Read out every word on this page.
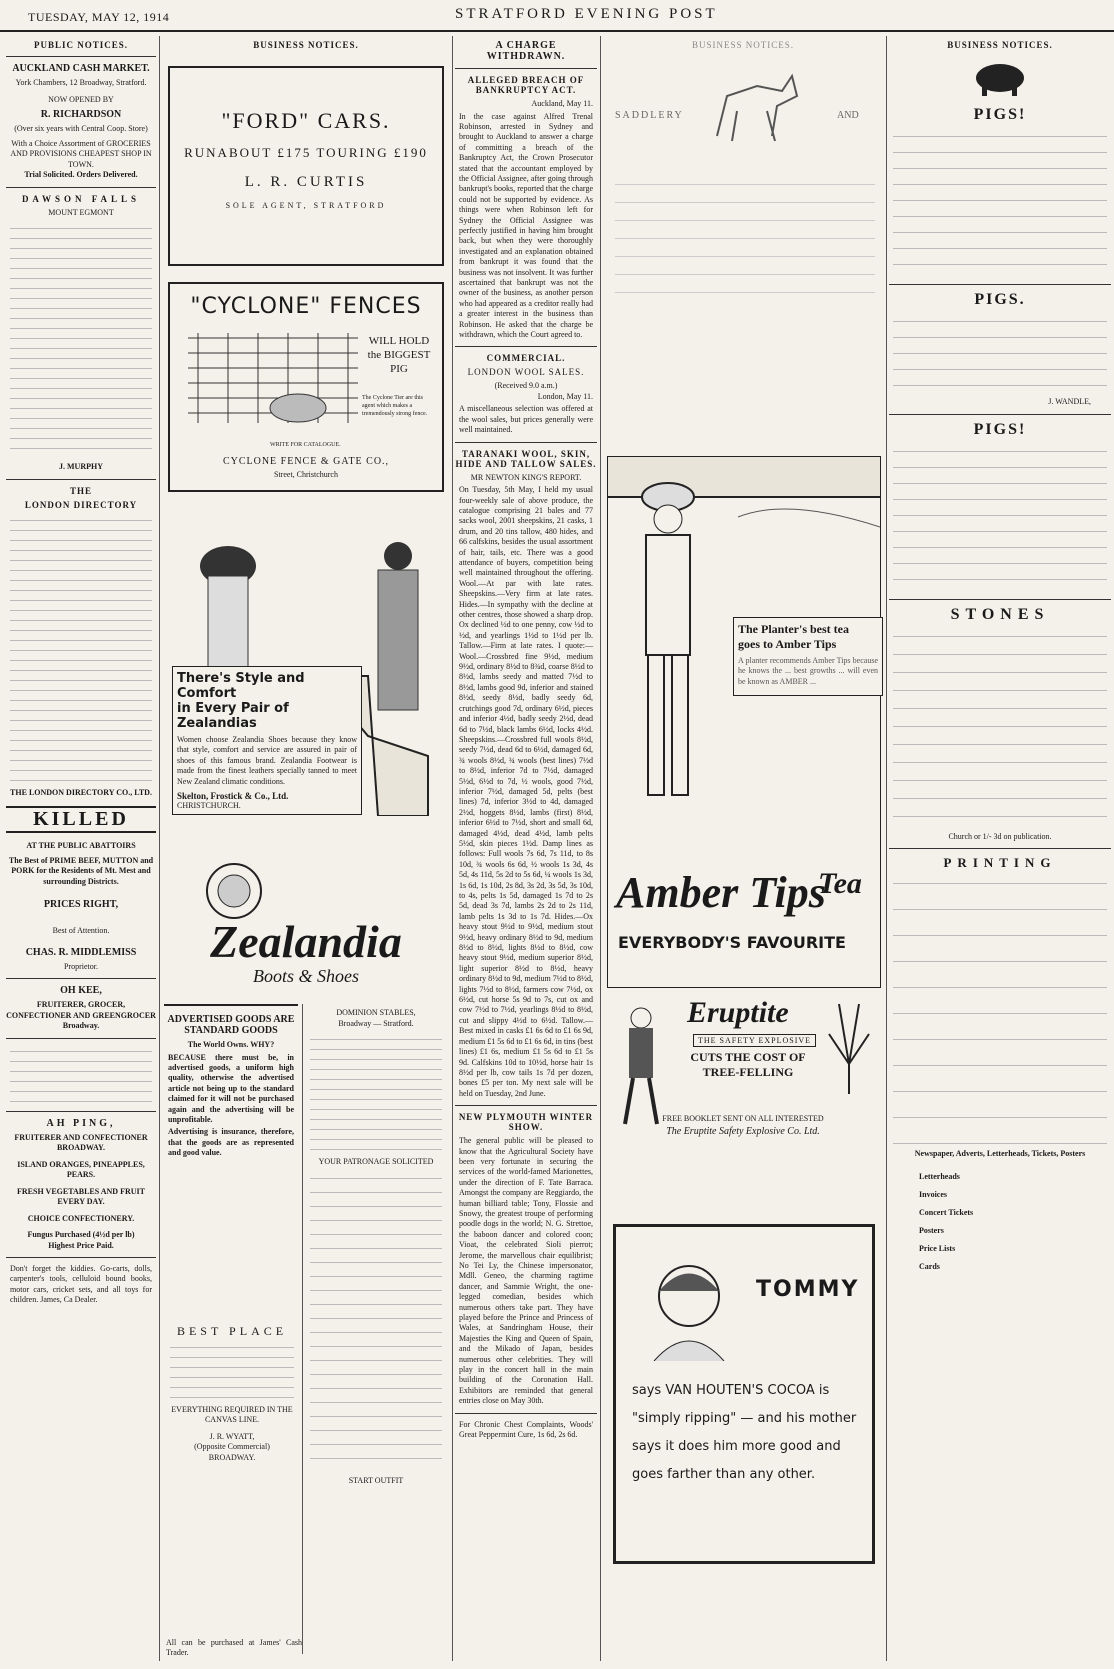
TUESDAY, MAY 12, 1914	STRATFORD EVENING POST
PUBLIC NOTICES.
AUCKLAND CASH MARKET.
York Chambers, 12 Broadway, Stratford.
NOW OPENED BY
R. RICHARDSON
(Over six years with Central Coop. Store)
With a Choice Assortment of GROCERIES AND PROVISIONS CHEAPEST SHOP IN TOWN.
Trial Solicited. Orders Delivered.
DAWSON FALLS
MOUNT EGMONT
J. MURPHY
THE
LONDON DIRECTORY
THE LONDON DIRECTORY CO., LTD.
KILLED
AT THE PUBLIC ABATTOIRS
The Best of PRIME BEEF, MUTTON and PORK for the Residents of Mt. Mest and surrounding Districts.
PRICES RIGHT,
Best of Attention.
CHAS. R. MIDDLEMISS
Proprietor.
OH KEE,
FRUITERER, GROCER, CONFECTIONER AND GREENGROCER
Broadway.
AH PING,
FRUITERER AND CONFECTIONER BROADWAY.
ISLAND ORANGES, PINEAPPLES, PEARS.
FRESH VEGETABLES AND FRUIT EVERY DAY.
CHOICE CONFECTIONERY.
Fungus Purchased (4½d per lb)
Highest Price Paid.
Don't forget the kiddies. Go-carts, dolls, carpenter's tools, celluloid bound books, motor cars, cricket sets, and all toys for children. James, Ca Dealer.
BUSINESS NOTICES.
"FORD" CARS.
RUNABOUT £175 TOURING £190
L. R. CURTIS
SOLE AGENT, STRATFORD
"CYCLONE" FENCES
WILL HOLD the BIGGEST PIG
The Cyclone Tier are this agent which makes a tremendously strong fence.
WRITE FOR CATALOGUE.
CYCLONE FENCE & GATE CO.,
Street, Christchurch
There's Style and Comfort
in Every Pair of Zealandias
Women choose Zealandia Shoes because they know that style, comfort and service are assured in pair of shoes of this famous brand. Zealandia Footwear is made from the finest leathers specially tanned to meet New Zealand climatic conditions.
Skelton, Frostick & Co., Ltd.
CHRISTCHURCH.
Zealandia
Boots & Shoes
ADVERTISED GOODS ARE STANDARD GOODS
The World Owns. WHY?
BECAUSE there must be, in advertised goods, a uniform high quality, otherwise the advertised article not being up to the standard claimed for it will not be purchased again and the advertising will be unprofitable.
Advertising is insurance, therefore, that the goods are as represented and good value.
DOMINION STABLES,
Broadway — Stratford.
YOUR PATRONAGE SOLICITED
START OUTFIT
BEST PLACE
EVERYTHING REQUIRED IN THE CANVAS LINE.
J. R. WYATT,
(Opposite Commercial)
BROADWAY.
All can be purchased at James' Cash Trader.
A CHARGE WITHDRAWN.
ALLEGED BREACH OF BANKRUPTCY ACT.
Auckland, May 11.
In the case against Alfred Trenal Robinson, arrested in Sydney and brought to Auckland to answer a charge of committing a breach of the Bankruptcy Act, the Crown Prosecutor stated that the accountant employed by the Official Assignee, after going through bankrupt's books, reported that the charge could not be supported by evidence. As things were when Robinson left for Sydney the Official Assignee was perfectly justified in having him brought back, but when they were thoroughly investigated and an explanation obtained from bankrupt it was found that the business was not insolvent. It was further ascertained that bankrupt was not the owner of the business, as another person who had appeared as a creditor really had a greater interest in the business than Robinson. He asked that the charge be withdrawn, which the Court agreed to.
COMMERCIAL.
LONDON WOOL SALES.
(Received 9.0 a.m.)
London, May 11.
A miscellaneous selection was offered at the wool sales, but prices generally were well maintained.
TARANAKI WOOL, SKIN, HIDE AND TALLOW SALES.
MR NEWTON KING'S REPORT.
On Tuesday, 5th May, I held my usual four-weekly sale of above produce, the catalogue comprising 21 bales and 77 sacks wool, 2001 sheepskins, 21 casks, 1 drum, and 20 tins tallow, 480 hides, and 66 calfskins, besides the usual assortment of hair, tails, etc. There was a good attendance of buyers, competition being well maintained throughout the offering. Wool.—At par with late rates. Sheepskins.—Very firm at late rates. Hides.—In sympathy with the decline at other centres, those showed a sharp drop. Ox declined ½d to one penny, cow ½d to ½d, and yearlings 1½d to 1½d per lb. Tallow.—Firm at late rates. I quote:— Wool.—Crossbred fine 9½d, medium 9½d, ordinary 8½d to 8¾d, coarse 8½d to 8½d, lambs seedy and matted 7½d to 8½d, lambs good 9d, inferior and stained 8½d, seedy 8½d, badly seedy 6d, crutchings good 7d, ordinary 6½d, pieces and inferior 4½d, badly seedy 2½d, dead 6d to 7½d, black lambs 6½d, locks 4½d. Sheepskins.—Crossbred full wools 8½d, seedy 7½d, dead 6d to 6½d, damaged 6d, ¾ wools 8½d, ¾ wools (best lines) 7½d to 8½d, inferior 7d to 7½d, damaged 5½d, 6½d to 7d, ½ wools, good 7½d, inferior 7½d, damaged 5d, pelts (best lines) 7d, inferior 3½d to 4d, damaged 2½d, hoggets 8½d, lambs (first) 8½d, inferior 6½d to 7½d, short and small 6d, damaged 4½d, dead 4½d, lamb pelts 5½d, skin pieces 1½d. Damp lines as follows: Full wools 7s 6d, 7s 11d, to 8s 10d, ¾ wools 6s 6d, ½ wools 1s 3d, 4s 5d, 4s 11d, 5s 2d to 5s 6d, ¼ wools 1s 3d, 1s 6d, 1s 10d, 2s 8d, 3s 2d, 3s 5d, 3s 10d, to 4s, pelts 1s 5d, damaged 1s 7d to 2s 5d, dead 3s 7d, lambs 2s 2d to 2s 11d, lamb pelts 1s 3d to 1s 7d. Hides.—Ox heavy stout 9½d to 9½d, medium stout 9½d, heavy ordinary 8½d to 9d, medium 8½d to 8½d, lights 8½d to 8½d, cow heavy stout 9½d, medium superior 8½d, light superior 8½d to 8½d, heavy ordinary 8½d to 9d, medium 7½d to 8½d, lights 7½d to 8½d, farmers cow 7½d, ox 6½d, cut horse 5s 9d to 7s, cut ox and cow 7½d to 7½d, yearlings 8½d to 8½d, cut and slippy 4½d to 6½d. Tallow.—Best mixed in casks £1 6s 6d to £1 6s 9d, medium £1 5s 6d to £1 6s 6d, in tins (best lines) £1 6s, medium £1 5s 6d to £1 5s 9d. Calfskins 10d to 10½d, horse hair 1s 8½d per lb, cow tails 1s 7d per dozen, bones £5 per ton. My next sale will be held on Tuesday, 2nd June.
NEW PLYMOUTH WINTER SHOW.
The general public will be pleased to know that the Agricultural Society have been very fortunate in securing the services of the world-famed Marionettes, under the direction of F. Tate Barraca. Amongst the company are Reggiardo, the human billiard table; Tony, Flossie and Snowy, the greatest troupe of performing poodle dogs in the world; N. G. Strettoe, the baboon dancer and colored coon; Vioat, the celebrated Sioli pierrot; Jerome, the marvellous chair equilibrist; No Tei Ly, the Chinese impersonator, Mdll. Geneo, the charming ragtime dancer, and Sammie Wright, the one-legged comedian, besides which numerous others take part. They have played before the Prince and Princess of Wales, at Sandringham House, their Majesties the King and Queen of Spain, and the Mikado of Japan, besides numerous other celebrities. They will play in the concert hall in the main building of the Coronation Hall. Exhibitors are reminded that general entries close on May 30th.
For Chronic Chest Complaints, Woods' Great Peppermint Cure, 1s 6d, 2s 6d.
BUSINESS NOTICES.
SADDLERY	AND
The Planter's best tea
goes to Amber Tips
A planter recommends Amber Tips because he knows the ... best growths ... will even be known as AMBER ...
Amber Tips
Tea
EVERYBODY'S FAVOURITE
Eruptite
THE SAFETY EXPLOSIVE
CUTS THE COST OF TREE-FELLING
FREE BOOKLET SENT ON ALL INTERESTED
The Eruptite Safety Explosive Co. Ltd.
TOMMY
says VAN HOUTEN'S COCOA is
"simply ripping" — and his mother
says it does him more good and
goes farther than any other.
BUSINESS NOTICES.
PIGS!
PIGS.
J. WANDLE,
PIGS!
STONES
Church or 1/- 3d on publication.
PRINTING
Newspaper, Adverts, Letterheads, Tickets, Posters
Letterheads
Invoices
Concert Tickets
Posters
Price Lists
Cards
